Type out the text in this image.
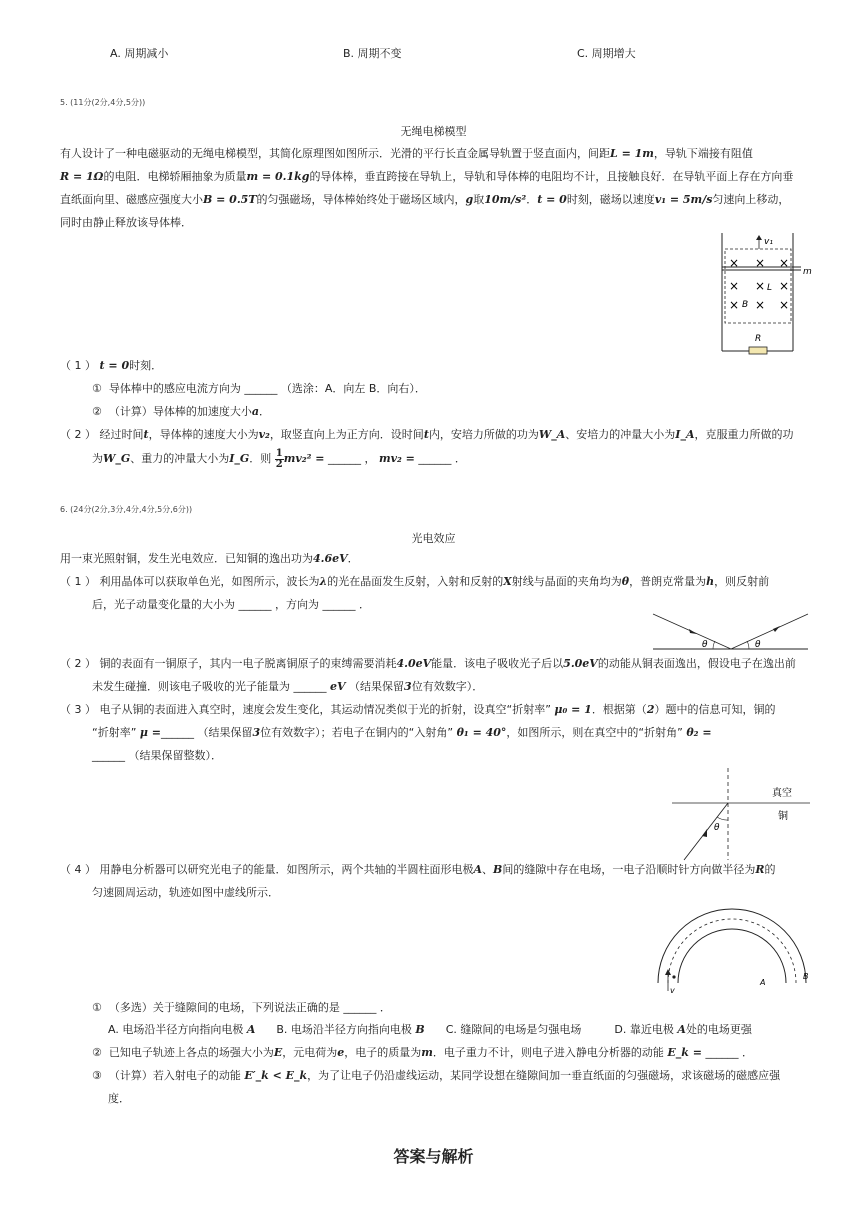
A. 周期减小	B. 周期不变	C. 周期增大
5. (11分(2分,4分,5分))
无绳电梯模型
有人设计了一种电磁驱动的无绳电梯模型，其简化原理图如图所示．光滑的平行长直金属导轨置于竖直面内，间距L = 1m，导轨下端接有阻值
R = 1Ω的电阻．电梯轿厢抽象为质量m = 0.1kg的导体棒，垂直跨接在导轨上，导轨和导体棒的电阻均不计，且接触良好．在导轨平面上存在方向垂
直纸面向里、磁感应强度大小B = 0.5T的匀强磁场，导体棒始终处于磁场区域内，g取10m/s²．t = 0时刻，磁场以速度v₁ = 5m/s匀速向上移动，
同时由静止释放该导体棒．
v₁
m
× × ×
× × L ×
× B × ×
R
（ 1 ） t = 0时刻．
① 导体棒中的感应电流方向为 ______ （选涂：A．向左 B．向右）．
② （计算）导体棒的加速度大小a．
（ 2 ） 经过时间t，导体棒的速度大小为v₂，取竖直向上为正方向．设时间t内，安培力所做的功为W_A、安培力的冲量大小为I_A，克服重力所做的功
为W_G、重力的冲量大小为I_G．则 $\frac{1}{2} mv_2^2$ = ______ ， mv₂ = ______ ．
6. (24分(2分,3分,4分,4分,5分,6分))
光电效应
用一束光照射铜，发生光电效应．已知铜的逸出功为4.6eV．
（ 1 ） 利用晶体可以获取单色光，如图所示，波长为λ的光在晶面发生反射，入射和反射的X射线与晶面的夹角均为θ，普朗克常量为h，则反射前
后，光子动量变化量的大小为 ______ ，方向为 ______ ．
θ	θ
（ 2 ） 铜的表面有一铜原子，其内一电子脱离铜原子的束缚需要消耗4.0eV能量．该电子吸收光子后以5.0eV的动能从铜表面逸出，假设电子在逸出前
未发生碰撞．则该电子吸收的光子能量为 ______ eV （结果保留3位有效数字）．
（ 3 ） 电子从铜的表面进入真空时，速度会发生变化，其运动情况类似于光的折射，设真空“折射率” μ₀ = 1．根据第（2）题中的信息可知，铜的
“折射率” μ =______ （结果保留3位有效数字）；若电子在铜内的“入射角” θ₁ = 40°，如图所示，则在真空中的“折射角” θ₂ =
______ （结果保留整数）．
θ
真空
铜
（ 4 ） 用静电分析器可以研究光电子的能量．如图所示，两个共轴的半圆柱面形电极A、B间的缝隙中存在电场，一电子沿顺时针方向做半径为R的
匀速圆周运动，轨迹如图中虚线所示．
v
A
B
① （多选）关于缝隙间的电场，下列说法正确的是 ______ ．
A. 电场沿半径方向指向电极 A B. 电场沿半径方向指向电极 B C. 缝隙间的电场是匀强电场	D. 靠近电极 A处的电场更强
② 已知电子轨迹上各点的场强大小为E，元电荷为e，电子的质量为m．电子重力不计，则电子进入静电分析器的动能 E_k = ______ ．
③ （计算）若入射电子的动能 E′_k < E_k，为了让电子仍沿虚线运动，某同学设想在缝隙间加一垂直纸面的匀强磁场，求该磁场的磁感应强
度．
答案与解析
